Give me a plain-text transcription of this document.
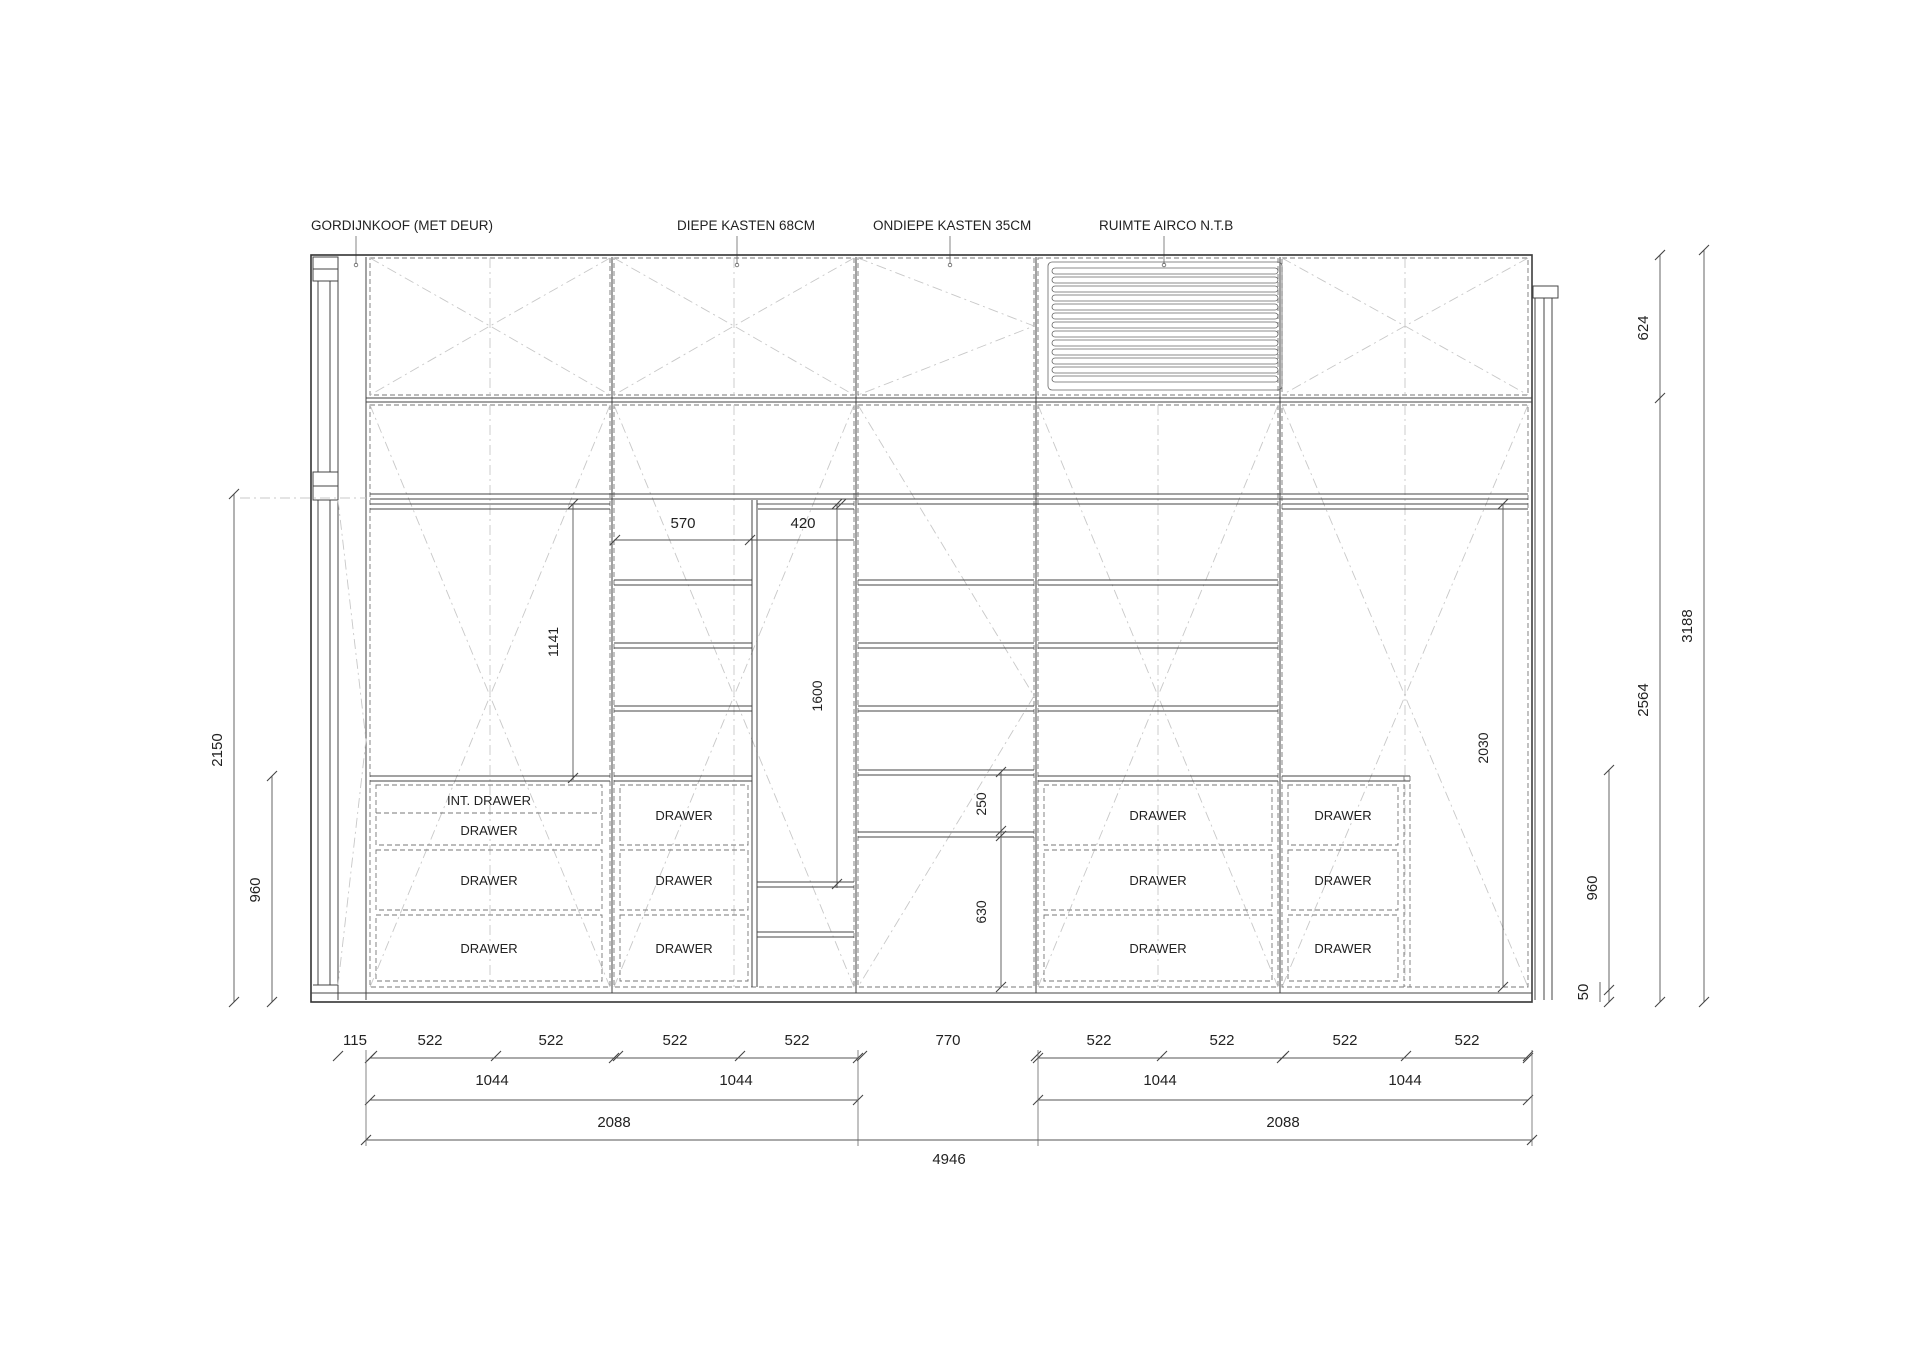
GORDIJNKOOF (MET DEUR)	DIEPE KASTEN 68CM	ONDIEPE KASTEN 35CM	RUIMTE AIRCO N.T.B
INT. DRAWER
DRAWER
DRAWER
DRAWER
DRAWER
DRAWER
DRAWER
DRAWER
DRAWER
DRAWER
DRAWER
DRAWER
DRAWER
570	420
1141
1600
250
630
2030
2150
960
624
2564
3188
960
50
115	522	522	522	522	770	522	522	522	522
1044	1044	1044	1044
2088	2088
4946
